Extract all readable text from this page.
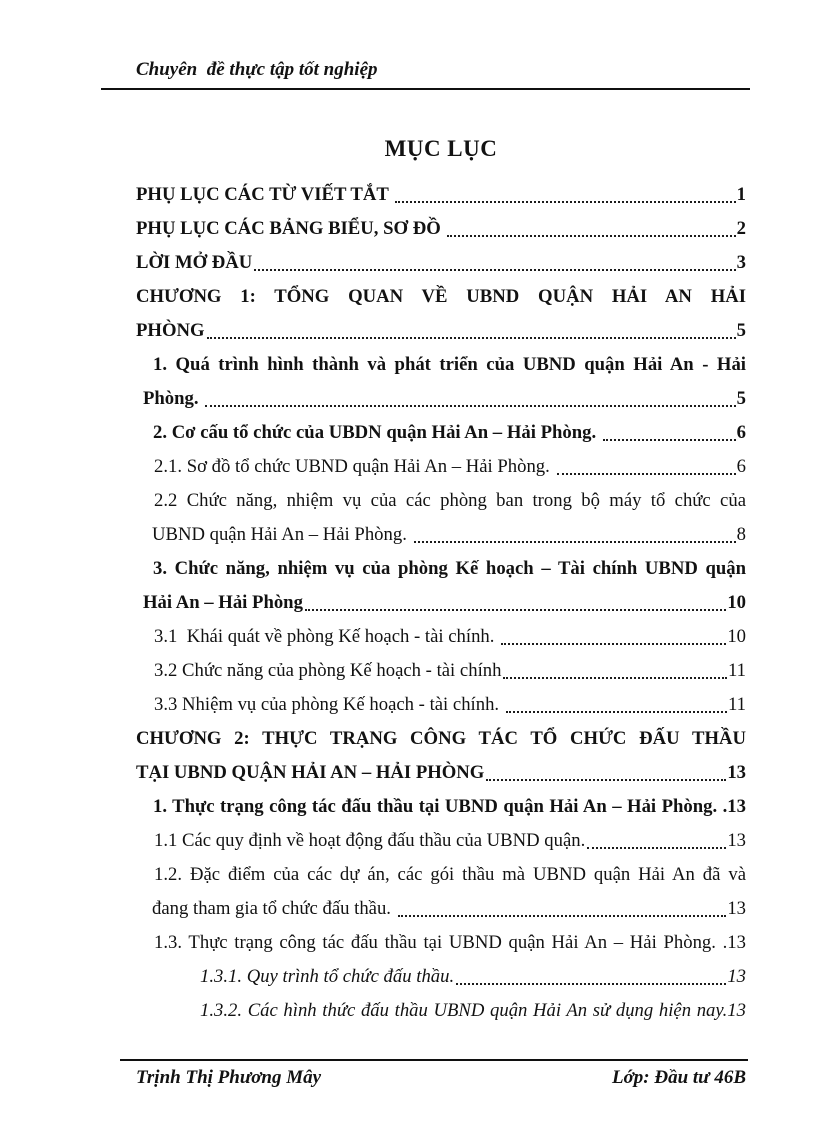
Chuyên  đề thực tập tốt nghiệp
MỤC LỤC
PHỤ LỤC CÁC TỪ VIẾT TẮT	1
PHỤ LỤC CÁC BẢNG BIỂU, SƠ ĐỒ	2
LỜI MỞ ĐẦU	3
CHƯƠNG 1: TỔNG QUAN VỀ UBND QUẬN HẢI AN HẢI
PHÒNG	5
1. Quá trình hình thành và phát triển của UBND quận Hải An - Hải
Phòng.	5
2. Cơ cấu tổ chức của UBDN quận Hải An – Hải Phòng.	6
2.1. Sơ đồ tổ chức UBND quận Hải An – Hải Phòng.	6
2.2 Chức năng, nhiệm vụ của các phòng ban trong bộ máy tổ chức của
UBND quận Hải An – Hải Phòng.	8
3. Chức năng, nhiệm vụ của phòng Kế hoạch – Tài chính UBND quận
Hải An – Hải Phòng	10
3.1  Khái quát về phòng Kế hoạch - tài chính.	10
3.2 Chức năng của phòng Kế hoạch - tài chính	11
3.3 Nhiệm vụ của phòng Kế hoạch - tài chính.	11
CHƯƠNG 2: THỰC TRẠNG CÔNG TÁC TỔ CHỨC ĐẤU THẦU
TẠI UBND QUẬN HẢI AN – HẢI PHÒNG	13
1. Thực trạng công tác đấu thầu tại UBND quận Hải An – Hải Phòng. .13
1.1 Các quy định về hoạt động đấu thầu của UBND quận.	13
1.2. Đặc điểm của các dự án, các gói thầu mà UBND quận Hải An đã và
đang tham gia tổ chức đấu thầu.	13
1.3. Thực trạng công tác đấu thầu tại UBND quận Hải An – Hải Phòng. .13
1.3.1. Quy trình tổ chức đấu thầu.	13
1.3.2. Các hình thức đấu thầu UBND quận Hải An sử dụng hiện nay.13
Trịnh Thị Phương Mây	Lớp: Đầu tư 46B
